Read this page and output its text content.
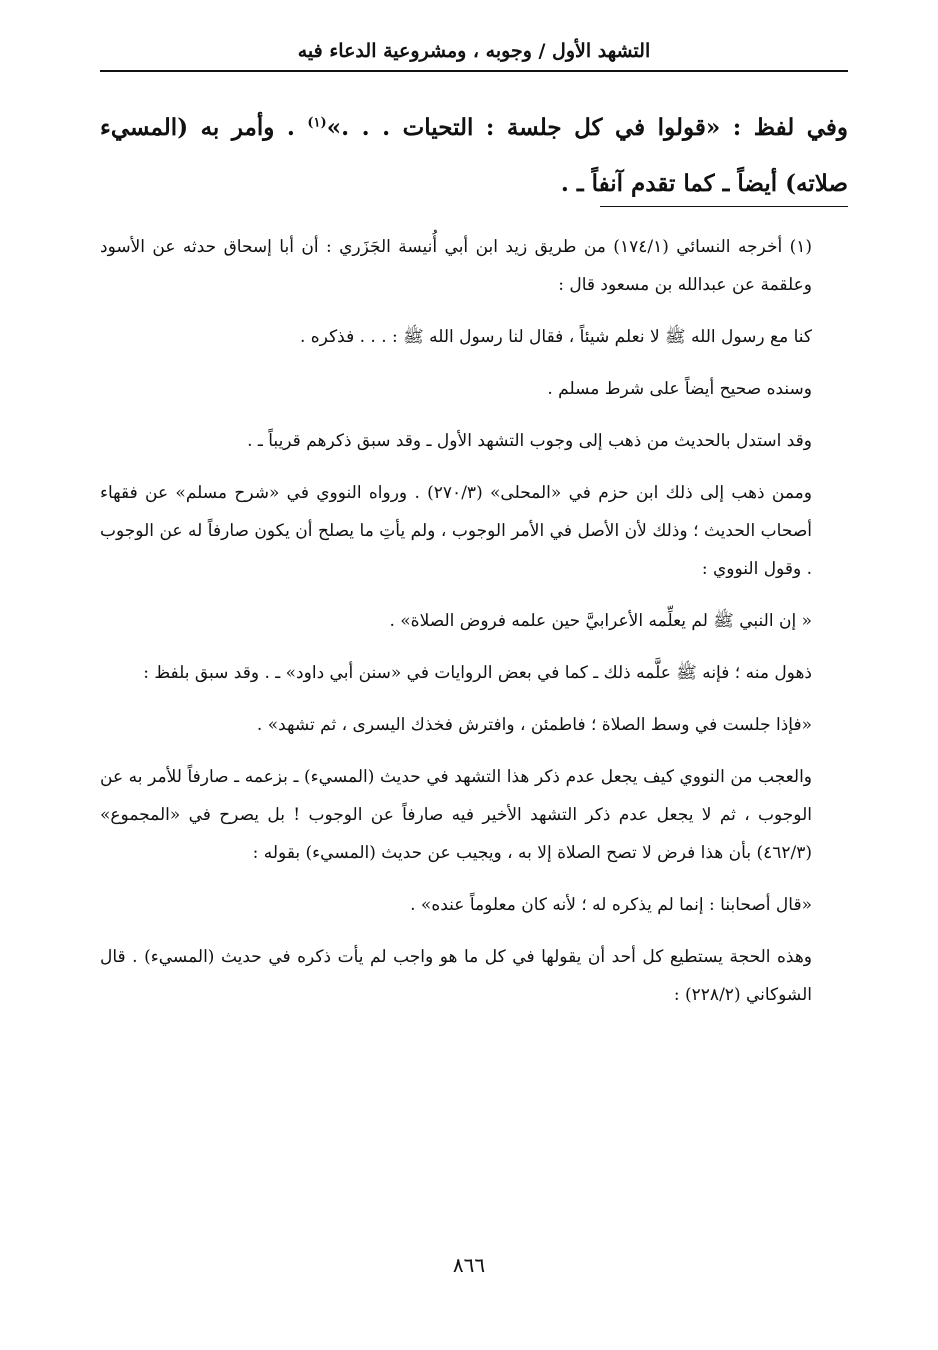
التشهد الأول / وجوبه ، ومشروعية الدعاء فيه
وفي لفظ : «قولوا في كل جلسة : التحيات . . .»$^{(١)}$ . وأمر به (المسيء صلاته) أيضاً ـ كما تقدم آنفاً ـ .

(١) أخرجه النسائي (١٧٤/١) من طريق زيد ابن أبي أُنيسة الجَزَري : أن أبا إسحاق حدثه عن الأسود وعلقمة عن عبدالله بن مسعود قال :

كنا مع رسول الله ﷺ لا نعلم شيئاً ، فقال لنا رسول الله ﷺ : . . . فذكره .

وسنده صحيح أيضاً على شرط مسلم .

وقد استدل بالحديث من ذهب إلى وجوب التشهد الأول ـ وقد سبق ذكرهم قريباً ـ .

وممن ذهب إلى ذلك ابن حزم في «المحلى» (٢٧٠/٣) . ورواه النووي في «شرح مسلم» عن فقهاء أصحاب الحديث ؛ وذلك لأن الأصل في الأمر الوجوب ، ولم يأتِ ما يصلح أن يكون صارفاً له عن الوجوب . وقول النووي :

« إن النبي ﷺ لم يعلِّمه الأعرابيَّ حين علمه فروض الصلاة» .

ذهول منه ؛ فإنه ﷺ علَّمه ذلك ـ كما في بعض الروايات في «سنن أبي داود» ـ . وقد سبق بلفظ :

«فإذا جلست في وسط الصلاة ؛ فاطمئن ، وافترش فخذك اليسرى ، ثم تشهد» .

والعجب من النووي كيف يجعل عدم ذكر هذا التشهد في حديث (المسيء) ـ بزعمه ـ صارفاً للأمر به عن الوجوب ، ثم لا يجعل عدم ذكر التشهد الأخير فيه صارفاً عن الوجوب ! بل يصرح في «المجموع» (٤٦٢/٣) بأن هذا فرض لا تصح الصلاة إلا به ، ويجيب عن حديث (المسيء) بقوله :

«قال أصحابنا : إنما لم يذكره له ؛ لأنه كان معلوماً عنده» .

وهذه الحجة يستطيع كل أحد أن يقولها في كل ما هو واجب لم يأت ذكره في حديث (المسيء) . قال الشوكاني (٢٢٨/٢) :

٨٦٦
